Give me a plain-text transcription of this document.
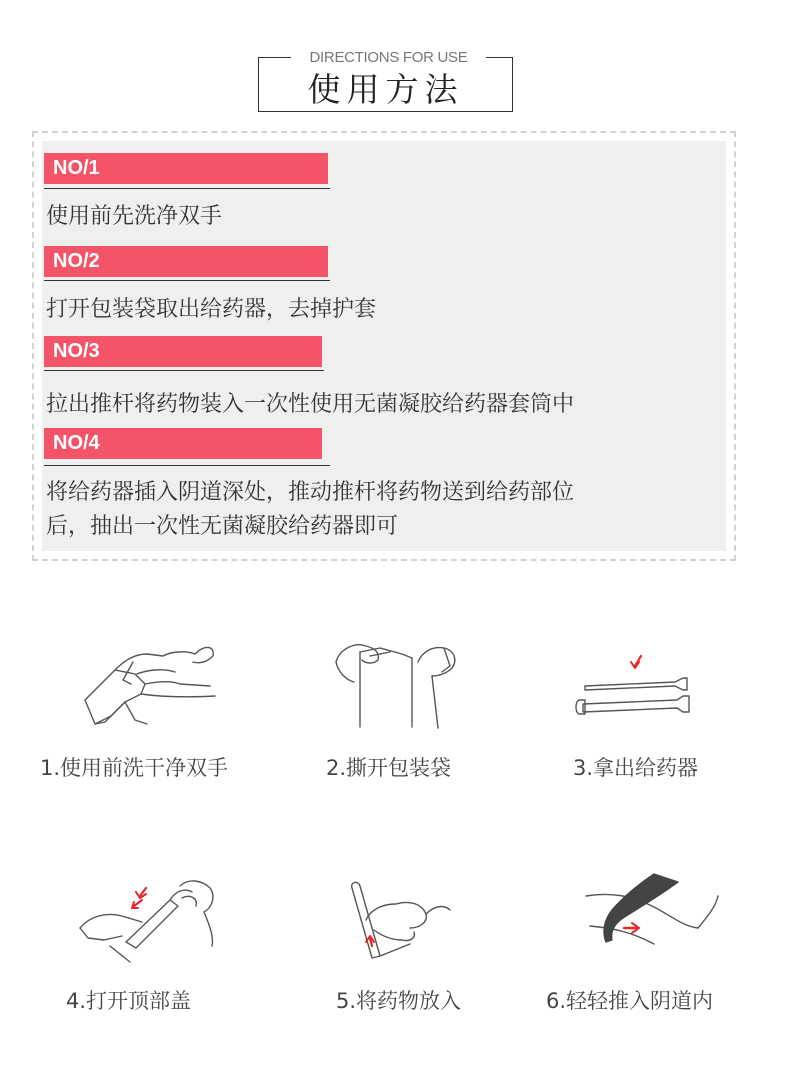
DIRECTIONS FOR USE
使用方法
NO/1
使用前先洗净双手
NO/2
打开包装袋取出给药器，去掉护套
NO/3
拉出推杆将药物装入一次性使用无菌凝胶给药器套筒中
NO/4
将给药器插入阴道深处，推动推杆将药物送到给药部位
后，抽出一次性无菌凝胶给药器即可
1.使用前洗干净双手	2.撕开包装袋	3.拿出给药器
4.打开顶部盖	5.将药物放入	6.轻轻推入阴道内
